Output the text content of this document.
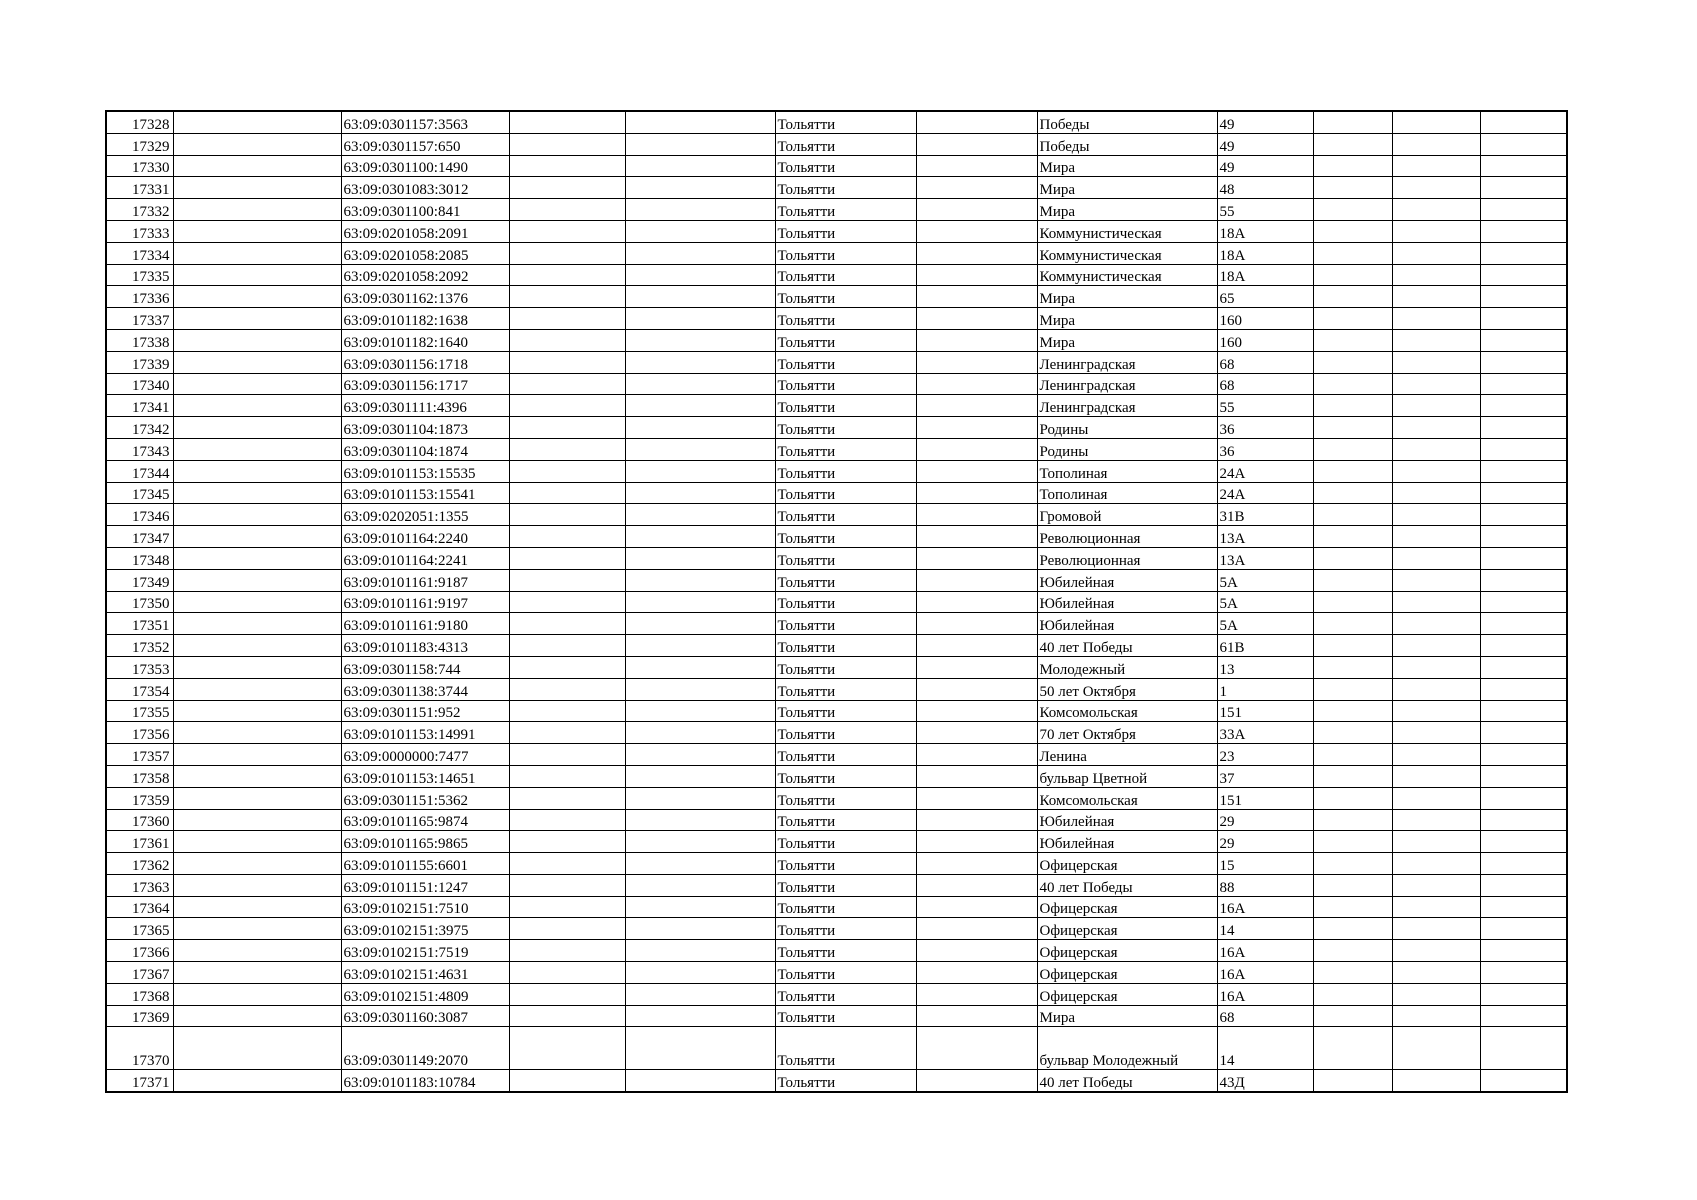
17328		63:09:0301157:3563			Тольятти		Победы	49			
17329		63:09:0301157:650			Тольятти		Победы	49			
17330		63:09:0301100:1490			Тольятти		Мира	49			
17331		63:09:0301083:3012			Тольятти		Мира	48			
17332		63:09:0301100:841			Тольятти		Мира	55			
17333		63:09:0201058:2091			Тольятти		Коммунистическая	18А			
17334		63:09:0201058:2085			Тольятти		Коммунистическая	18А			
17335		63:09:0201058:2092			Тольятти		Коммунистическая	18А			
17336		63:09:0301162:1376			Тольятти		Мира	65			
17337		63:09:0101182:1638			Тольятти		Мира	160			
17338		63:09:0101182:1640			Тольятти		Мира	160			
17339		63:09:0301156:1718			Тольятти		Ленинградская	68			
17340		63:09:0301156:1717			Тольятти		Ленинградская	68			
17341		63:09:0301111:4396			Тольятти		Ленинградская	55			
17342		63:09:0301104:1873			Тольятти		Родины	36			
17343		63:09:0301104:1874			Тольятти		Родины	36			
17344		63:09:0101153:15535			Тольятти		Тополиная	24А			
17345		63:09:0101153:15541			Тольятти		Тополиная	24А			
17346		63:09:0202051:1355			Тольятти		Громовой	31В			
17347		63:09:0101164:2240			Тольятти		Революционная	13А			
17348		63:09:0101164:2241			Тольятти		Революционная	13А			
17349		63:09:0101161:9187			Тольятти		Юбилейная	5А			
17350		63:09:0101161:9197			Тольятти		Юбилейная	5А			
17351		63:09:0101161:9180			Тольятти		Юбилейная	5А			
17352		63:09:0101183:4313			Тольятти		40 лет Победы	61В			
17353		63:09:0301158:744			Тольятти		Молодежный	13			
17354		63:09:0301138:3744			Тольятти		50 лет Октября	1			
17355		63:09:0301151:952			Тольятти		Комсомольская	151			
17356		63:09:0101153:14991			Тольятти		70 лет Октября	33А			
17357		63:09:0000000:7477			Тольятти		Ленина	23			
17358		63:09:0101153:14651			Тольятти		бульвар Цветной	37			
17359		63:09:0301151:5362			Тольятти		Комсомольская	151			
17360		63:09:0101165:9874			Тольятти		Юбилейная	29			
17361		63:09:0101165:9865			Тольятти		Юбилейная	29			
17362		63:09:0101155:6601			Тольятти		Офицерская	15			
17363		63:09:0101151:1247			Тольятти		40 лет Победы	88			
17364		63:09:0102151:7510			Тольятти		Офицерская	16А			
17365		63:09:0102151:3975			Тольятти		Офицерская	14			
17366		63:09:0102151:7519			Тольятти		Офицерская	16А			
17367		63:09:0102151:4631			Тольятти		Офицерская	16А			
17368		63:09:0102151:4809			Тольятти		Офицерская	16А			
17369		63:09:0301160:3087			Тольятти		Мира	68			
17370		63:09:0301149:2070			Тольятти		бульвар Молодежный	14			
17371		63:09:0101183:10784			Тольятти		40 лет Победы	43Д			
